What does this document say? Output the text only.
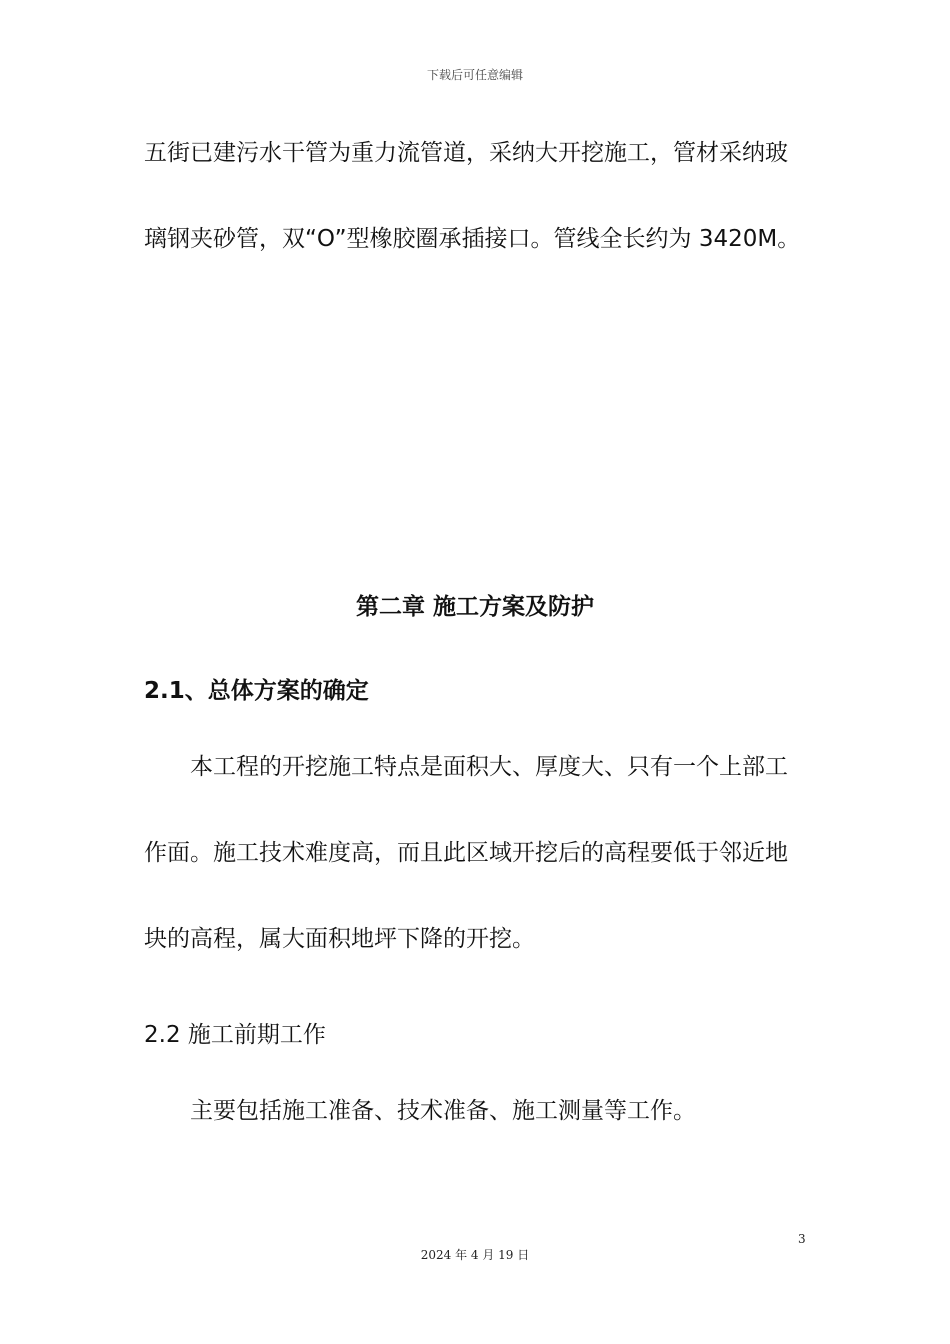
下载后可任意编辑
五街已建污水干管为重力流管道，采纳大开挖施工，管材采纳玻
璃钢夹砂管，双“O”型橡胶圈承插接口。管线全长约为 3420M。
第二章 施工方案及防护
2.1、总体方案的确定
本工程的开挖施工特点是面积大、厚度大、只有一个上部工
作面。施工技术难度高，而且此区域开挖后的高程要低于邻近地
块的高程，属大面积地坪下降的开挖。
2.2 施工前期工作
主要包括施工准备、技术准备、施工测量等工作。
3
2024 年 4 月 19 日
